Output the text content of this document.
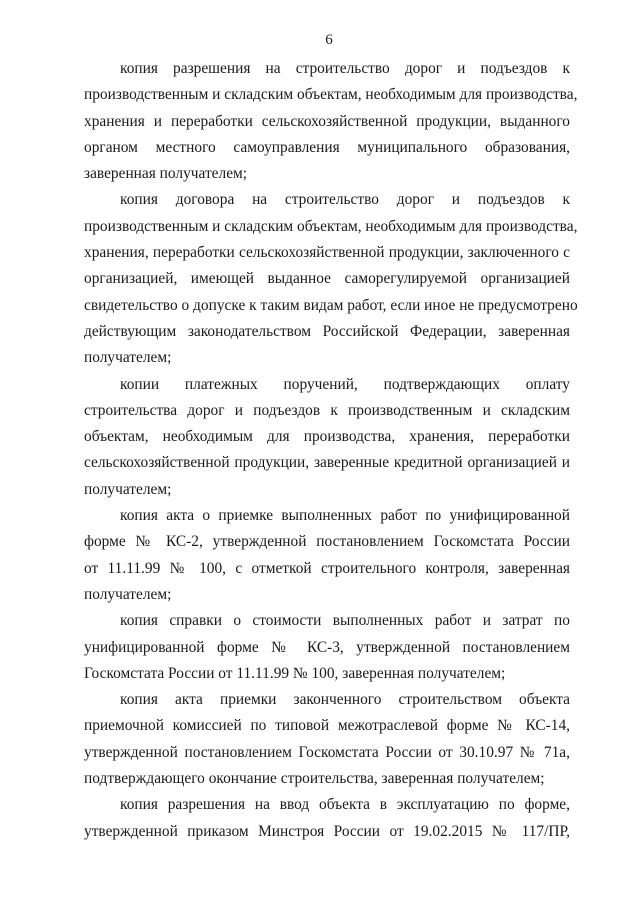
6
копия разрешения на строительство дорог и подъездов к
производственным и складским объектам, необходимым для производства,
хранения и переработки сельскохозяйственной продукции, выданного
органом местного самоуправления муниципального образования,
заверенная получателем;
копия договора на строительство дорог и подъездов к
производственным и складским объектам, необходимым для производства,
хранения, переработки сельскохозяйственной продукции, заключенного с
организацией, имеющей выданное саморегулируемой организацией
свидетельство о допуске к таким видам работ, если иное не предусмотрено
действующим законодательством Российской Федерации, заверенная
получателем;
копии платежных поручений, подтверждающих оплату
строительства дорог и подъездов к производственным и складским
объектам, необходимым для производства, хранения, переработки
сельскохозяйственной продукции, заверенные кредитной организацией и
получателем;
копия акта о приемке выполненных работ по унифицированной
форме № КС-2, утвержденной постановлением Госкомстата России
от 11.11.99 № 100, с отметкой строительного контроля, заверенная
получателем;
копия справки о стоимости выполненных работ и затрат по
унифицированной форме № КС-3, утвержденной постановлением
Госкомстата России от 11.11.99 № 100, заверенная получателем;
копия акта приемки законченного строительством объекта
приемочной комиссией по типовой межотраслевой форме № КС-14,
утвержденной постановлением Госкомстата России от 30.10.97 № 71а,
подтверждающего окончание строительства, заверенная получателем;
копия разрешения на ввод объекта в эксплуатацию по форме,
утвержденной приказом Минстроя России от 19.02.2015 № 117/ПР,
